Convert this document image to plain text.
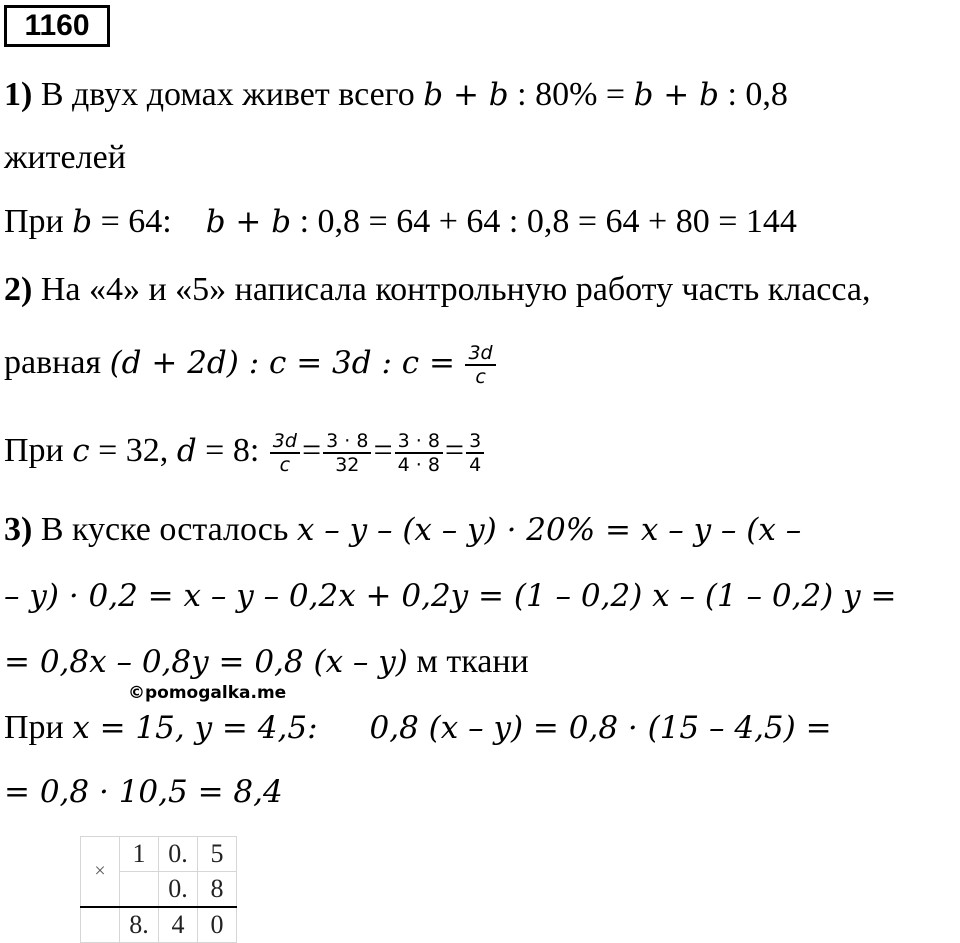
1160
1) В двух домах живет всего b + b : 80% = b + b : 0,8
жителей
При b = 64:    b + b : 0,8 = 64 + 64 : 0,8 = 64 + 80 = 144
2) На «4» и «5» написала контрольную работу часть класса,
равная (d + 2d) : c = 3d : $c = \frac{3d}{c}$
При c = 32, d = 8: $\frac{3d}{c} = \frac{3 \cdot 8}{32} = \frac{3 \cdot 8}{4 \cdot 8} = \frac{3}{4}$
3) В куске осталось x – y – (x – y) · 20% = x – y – (x –
– y) · 0,2 = x – y – 0,2x + 0,2y = (1 – 0,2) x – (1 – 0,2) y =
= 0,8x – 0,8y = 0,8 (x – y) м ткани
©pomogalka.me
При x = 15, y = 4,5: 0,8 (x – y) = 0,8 · (15 – 4,5) =
= 0,8 · 10,5 = 8,4
×	1	0.	5
		0.	8
	8.	4	0
